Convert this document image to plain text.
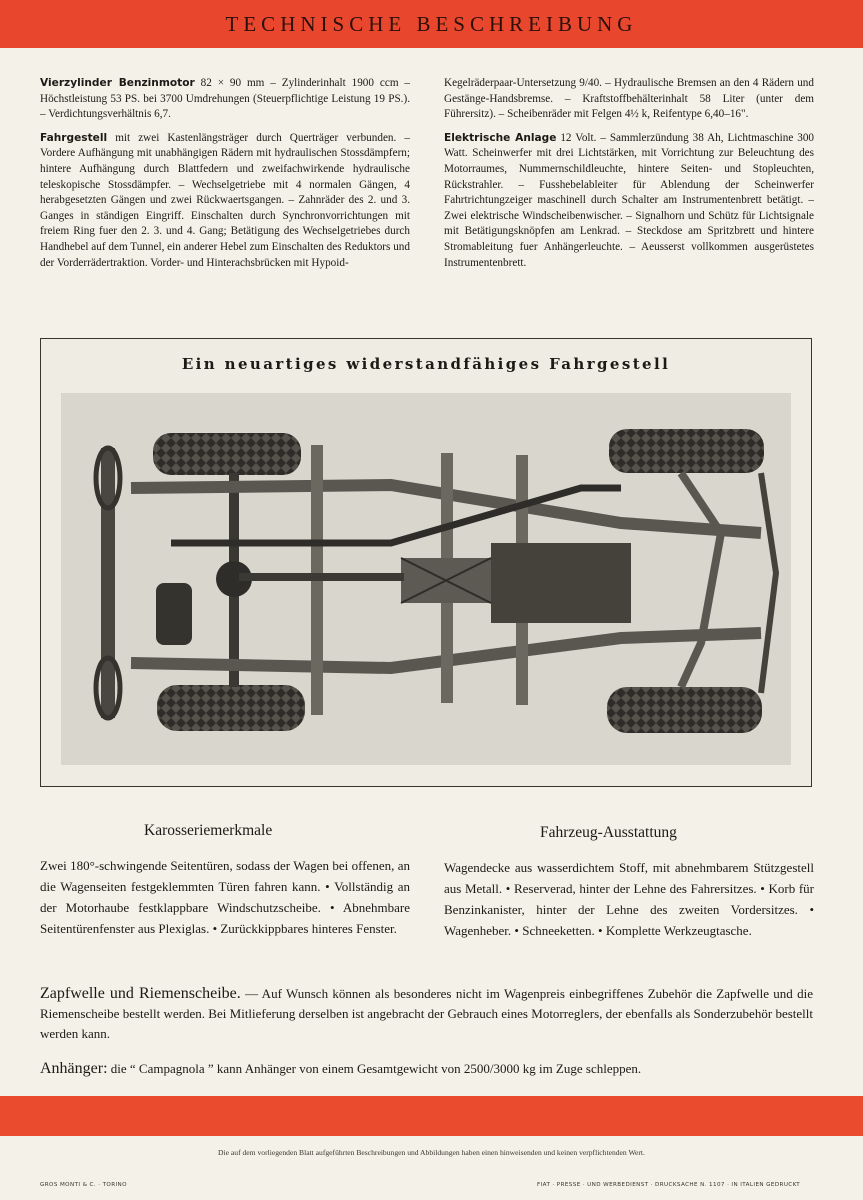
TECHNISCHE BESCHREIBUNG

Vierzylinder Benzinmotor 82 × 90 mm – Zylinderinhalt 1900 ccm – Höchstleistung 53 PS. bei 3700 Umdrehungen (Steuerpflichtige Leistung 19 PS.). – Verdichtungsverhältnis 6,7.

Fahrgestell mit zwei Kastenlängsträger durch Querträger verbunden. – Vordere Aufhängung mit unabhängigen Rädern mit hydraulischen Stossdämpfern; hintere Aufhängung durch Blattfedern und zweifachwirkende hydraulische teleskopische Stossdämpfer. – Wechselgetriebe mit 4 normalen Gängen, 4 herabgesetzten Gängen und zwei Rückwaertsgangen. – Zahnräder des 2. und 3. Ganges in ständigen Eingriff. Einschalten durch Synchronvorrichtungen mit freiem Ring fuer den 2. 3. und 4. Gang; Betätigung des Wechselgetriebes durch Handhebel auf dem Tunnel, ein anderer Hebel zum Einschalten des Reduktors und der Vorderrädertraktion. Vorder- und Hinterachsbrücken mit Hypoid-

Kegelräderpaar-Untersetzung 9/40. – Hydraulische Bremsen an den 4 Rädern und Gestänge-Handsbremse. – Kraftstoffbehälterinhalt 58 Liter (unter dem Führersitz). – Scheibenräder mit Felgen 4½ k, Reifentype 6,40–16".

Elektrische Anlage 12 Volt. – Sammlerzündung 38 Ah, Lichtmaschine 300 Watt. Scheinwerfer mit drei Lichtstärken, mit Vorrichtung zur Beleuchtung des Motorraumes, Nummernschildleuchte, hintere Seiten- und Stopleuchten, Rückstrahler. – Fusshebelableiter für Ablendung der Scheinwerfer Fahrtrichtungzeiger maschinell durch Schalter am Instrumentenbrett betätigt. – Zwei elektrische Windscheibenwischer. – Signalhorn und Schütz für Lichtsignale mit Betätigungsknöpfen am Lenkrad. – Steckdose am Spritzbrett und hintere Stromableitung fuer Anhängerleuchte. – Aeusserst vollkommen ausgerüstetes Instrumentenbrett.

Ein neuartiges widerstandfähiges Fahrgestell
Karosseriemerkmale
Zwei 180°-schwingende Seitentüren, sodass der Wagen bei offenen, an die Wagenseiten festgeklemmten Türen fahren kann. • Vollständig an der Motorhaube festklappbare Windschutzscheibe. • Abnehmbare Seitentürenfenster aus Plexiglas. • Zurückkippbares hinteres Fenster.
Fahrzeug-Ausstattung
Wagendecke aus wasserdichtem Stoff, mit abnehmbarem Stützgestell aus Metall. • Reserverad, hinter der Lehne des Fahrersitzes. • Korb für Benzinkanister, hinter der Lehne des zweiten Vordersitzes. • Wagenheber. • Schneeketten. • Komplette Werkzeugtasche.
Zapfwelle und Riemenscheibe. — Auf Wunsch können als besonderes nicht im Wagenpreis einbegriffenes Zubehör die Zapfwelle und die Riemenscheibe bestellt werden. Bei Mitlieferung derselben ist angebracht der Gebrauch eines Motorreglers, der ebenfalls als Sonderzubehör bestellt werden kann.
Anhänger: die “ Campagnola ” kann Anhänger von einem Gesamtgewicht von 2500/3000 kg im Zuge schleppen.
Die auf dem vorliegenden Blatt aufgeführten Beschreibungen und Abbildungen haben einen hinweisenden und keinen verpflichtenden Wert.
GROS MONTI & C. · TORINO	FIAT · PRESSE · UND WERBEDIENST · DRUCKSACHE N. 1107 · IN ITALIEN GEDRUCKT
